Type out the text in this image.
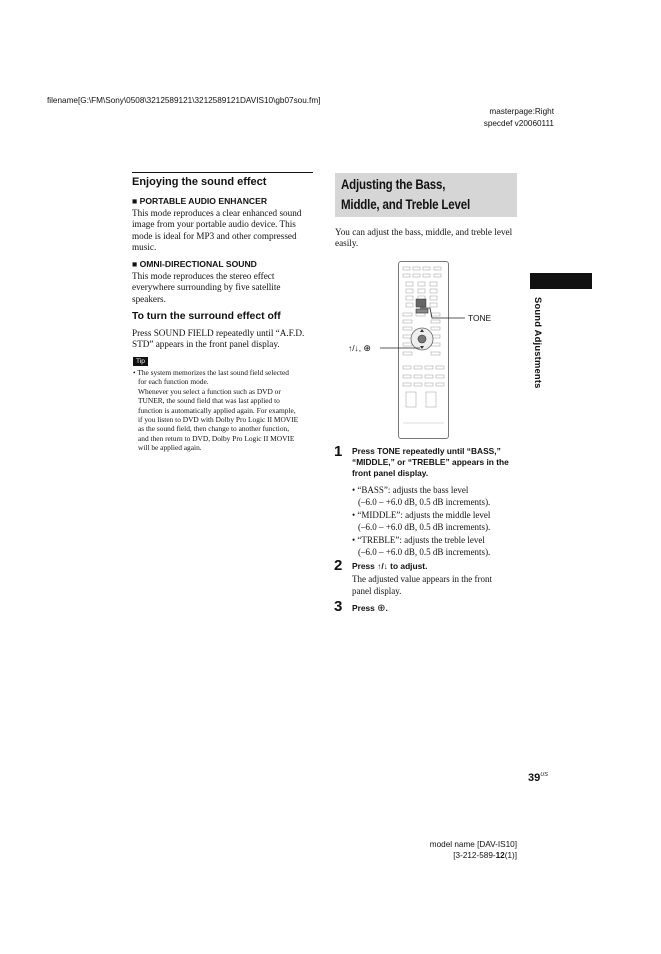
filename[G:\FM\Sony\0508\3212589121\3212589121DAVIS10\gb07sou.fm]
masterpage:Right
specdef v20060111
Enjoying the sound effect
■ PORTABLE AUDIO ENHANCER
This mode reproduces a clear enhanced sound
image from your portable audio device. This
mode is ideal for MP3 and other compressed
music.
■ OMNI-DIRECTIONAL SOUND
This mode reproduces the stereo effect
everywhere surrounding by five satellite
speakers.
To turn the surround effect off
Press SOUND FIELD repeatedly until “A.F.D.
STD” appears in the front panel display.
Tip
• The system memorizes the last sound field selected
for each function mode.
Whenever you select a function such as DVD or
TUNER, the sound field that was last applied to
function is automatically applied again. For example,
if you listen to DVD with Dolby Pro Logic II MOVIE
as the sound field, then change to another function,
and then return to DVD, Dolby Pro Logic II MOVIE
will be applied again.
Adjusting the Bass,
Middle, and Treble Level
You can adjust the bass, middle, and treble level
easily.
TONE
↑/↓, ⊕
1 Press TONE repeatedly until “BASS,”
“MIDDLE,” or “TREBLE” appears in the
front panel display.
• “BASS”: adjusts the bass level
(–6.0 – +6.0 dB, 0.5 dB increments).
• “MIDDLE”: adjusts the middle level
(–6.0 – +6.0 dB, 0.5 dB increments).
• “TREBLE”: adjusts the treble level
(–6.0 – +6.0 dB, 0.5 dB increments).
2 Press ↑/↓ to adjust.
The adjusted value appears in the front
panel display.
3 Press ⊕.
Sound Adjustments
$39^{US}$
model name [DAV-IS10]
[3-212-589-12(1)]
